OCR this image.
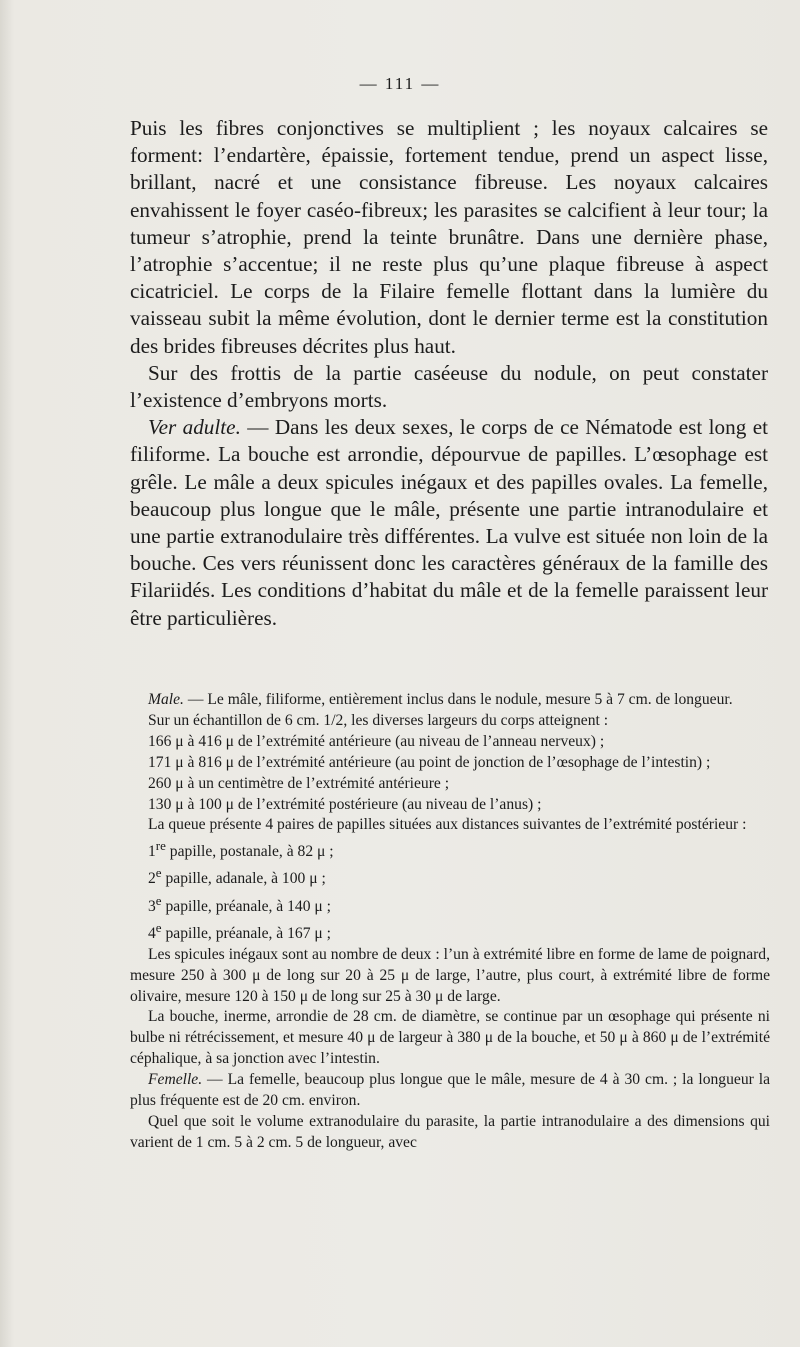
— 111 —

Puis les fibres conjonctives se multiplient ; les noyaux calcaires se forment: l’endartère, épaissie, fortement tendue, prend un aspect lisse, brillant, nacré et une consistance fibreuse. Les noyaux calcaires envahissent le foyer caséo-fibreux; les parasites se calcifient à leur tour; la tumeur s’atrophie, prend la teinte brunâtre. Dans une dernière phase, l’atrophie s’accentue; il ne reste plus qu’une plaque fibreuse à aspect cicatriciel. Le corps de la Filaire femelle flottant dans la lumière du vaisseau subit la même évolution, dont le dernier terme est la constitution des brides fibreuses décrites plus haut.

Sur des frottis de la partie caséeuse du nodule, on peut constater l’existence d’embryons morts.

Ver adulte. — Dans les deux sexes, le corps de ce Nématode est long et filiforme. La bouche est arrondie, dépourvue de papilles. L’œsophage est grêle. Le mâle a deux spicules inégaux et des papilles ovales. La femelle, beaucoup plus longue que le mâle, présente une partie intranodulaire et une partie extranodulaire très différentes. La vulve est située non loin de la bouche. Ces vers réunissent donc les caractères généraux de la famille des Filariidés. Les conditions d’habitat du mâle et de la femelle paraissent leur être particulières.

Male. — Le mâle, filiforme, entièrement inclus dans le nodule, mesure 5 à 7 cm. de longueur.

Sur un échantillon de 6 cm. 1/2, les diverses largeurs du corps atteignent :

166 μ à 416 μ de l’extrémité antérieure (au niveau de l’anneau nerveux) ;

171 μ à 816 μ de l’extrémité antérieure (au point de jonction de l’œsophage de l’intestin) ;

260 μ à un centimètre de l’extrémité antérieure ;

130 μ à 100 μ de l’extrémité postérieure (au niveau de l’anus) ;

La queue présente 4 paires de papilles situées aux distances suivantes de l’extrémité postérieur :

1re papille, postanale, à 82 μ ;

2e papille, adanale, à 100 μ ;

3e papille, préanale, à 140 μ ;

4e papille, préanale, à 167 μ ;

Les spicules inégaux sont au nombre de deux : l’un à extrémité libre en forme de lame de poignard, mesure 250 à 300 μ de long sur 20 à 25 μ de large, l’autre, plus court, à extrémité libre de forme olivaire, mesure 120 à 150 μ de long sur 25 à 30 μ de large.

La bouche, inerme, arrondie de 28 cm. de diamètre, se continue par un œsophage qui présente ni bulbe ni rétrécissement, et mesure 40 μ de largeur à 380 μ de la bouche, et 50 μ à 860 μ de l’extrémité céphalique, à sa jonction avec l’intestin.

Femelle. — La femelle, beaucoup plus longue que le mâle, mesure de 4 à 30 cm. ; la longueur la plus fréquente est de 20 cm. environ.

Quel que soit le volume extranodulaire du parasite, la partie intranodulaire a des dimensions qui varient de 1 cm. 5 à 2 cm. 5 de longueur, avec
